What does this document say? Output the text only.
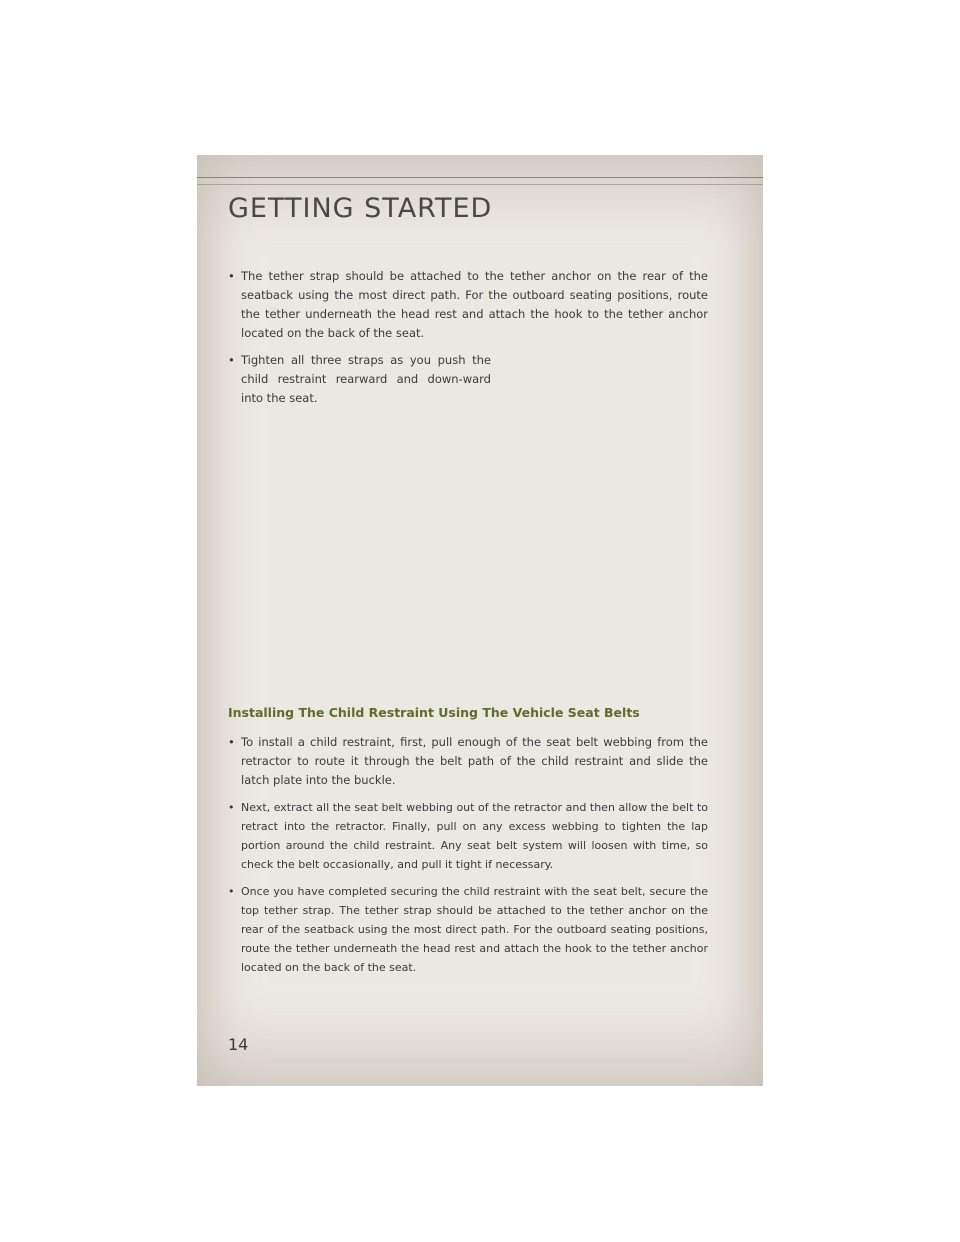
GETTING STARTED
• The tether strap should be attached to the tether anchor on the rear of the seatback using the most direct path. For the outboard seating positions, route the tether underneath the head rest and attach the hook to the tether anchor located on the back of the seat.
• Tighten all three straps as you push the child restraint rearward and down-ward into the seat.
Installing The Child Restraint Using The Vehicle Seat Belts
• To install a child restraint, first, pull enough of the seat belt webbing from the retractor to route it through the belt path of the child restraint and slide the latch plate into the buckle.
• Next, extract all the seat belt webbing out of the retractor and then allow the belt to retract into the retractor. Finally, pull on any excess webbing to tighten the lap portion around the child restraint. Any seat belt system will loosen with time, so check the belt occasionally, and pull it tight if necessary.
• Once you have completed securing the child restraint with the seat belt, secure the top tether strap. The tether strap should be attached to the tether anchor on the rear of the seatback using the most direct path. For the outboard seating positions, route the tether underneath the head rest and attach the hook to the tether anchor located on the back of the seat.
14
